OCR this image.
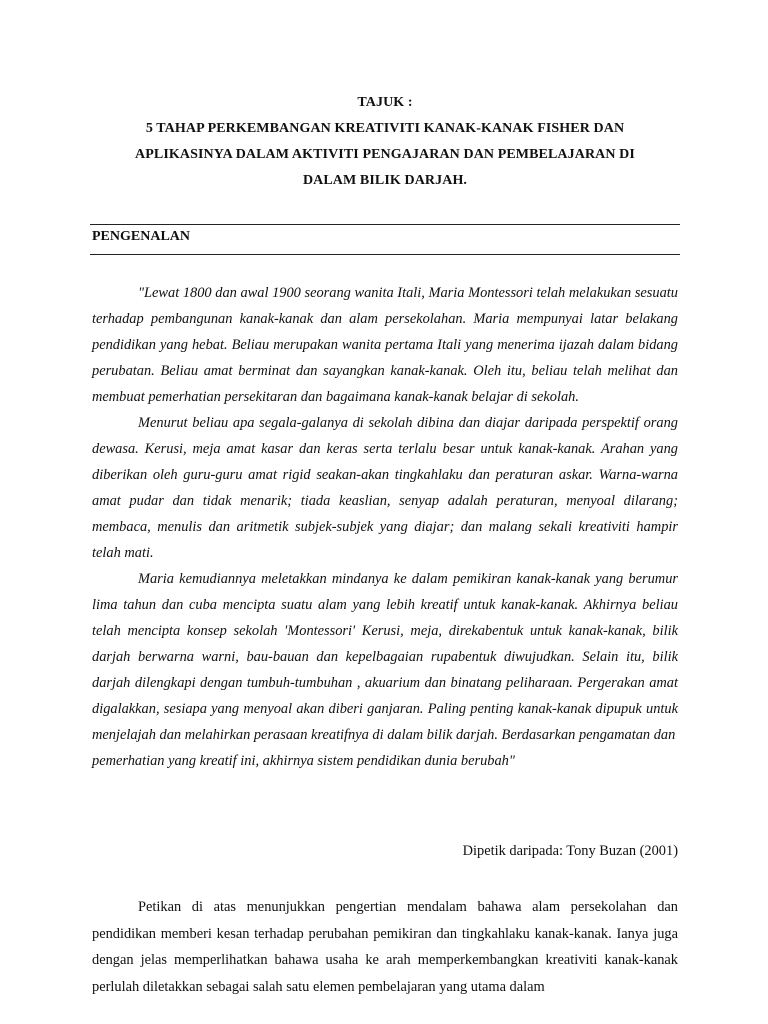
TAJUK :
5 TAHAP PERKEMBANGAN KREATIVITI KANAK-KANAK FISHER DAN
APLIKASINYA DALAM AKTIVITI PENGAJARAN DAN PEMBELAJARAN DI
DALAM BILIK DARJAH.
PENGENALAN

"Lewat 1800 dan awal 1900 seorang wanita Itali, Maria Montessori telah melakukan sesuatu terhadap pembangunan kanak-kanak dan alam persekolahan. Maria mempunyai latar belakang pendidikan yang hebat. Beliau merupakan wanita pertama Itali yang menerima ijazah dalam bidang perubatan. Beliau amat berminat dan sayangkan kanak-kanak. Oleh itu, beliau telah melihat dan membuat pemerhatian persekitaran dan bagaimana kanak-kanak belajar di sekolah.

Menurut beliau apa segala-galanya di sekolah dibina dan diajar daripada perspektif orang dewasa. Kerusi, meja amat kasar dan keras serta terlalu besar untuk kanak-kanak. Arahan yang diberikan oleh guru-guru amat rigid seakan-akan tingkahlaku dan peraturan askar. Warna-warna amat pudar dan tidak menarik; tiada keaslian, senyap adalah peraturan, menyoal dilarang; membaca, menulis dan aritmetik subjek-subjek yang diajar; dan malang sekali kreativiti hampir telah mati.

Maria kemudiannya meletakkan mindanya ke dalam pemikiran kanak-kanak yang berumur lima tahun dan cuba mencipta suatu alam yang lebih kreatif untuk kanak-kanak. Akhirnya beliau telah mencipta konsep sekolah 'Montessori' Kerusi, meja, direkabentuk untuk kanak-kanak, bilik darjah berwarna warni, bau-bauan dan kepelbagaian rupabentuk diwujudkan. Selain itu, bilik darjah dilengkapi dengan tumbuh-tumbuhan , akuarium dan binatang peliharaan. Pergerakan amat digalakkan, sesiapa yang menyoal akan diberi ganjaran. Paling penting kanak-kanak dipupuk untuk menjelajah dan melahirkan perasaan kreatifnya di dalam bilik darjah. Berdasarkan pengamatan dan

pemerhatian yang kreatif ini, akhirnya sistem pendidikan dunia berubah"

Dipetik daripada: Tony Buzan (2001)

Petikan di atas menunjukkan pengertian mendalam bahawa alam persekolahan dan pendidikan memberi kesan terhadap perubahan pemikiran dan tingkahlaku kanak-kanak. Ianya juga dengan jelas memperlihatkan bahawa usaha ke arah memperkembangkan kreativiti kanak-kanak perlulah diletakkan sebagai salah satu elemen pembelajaran yang utama dalam
